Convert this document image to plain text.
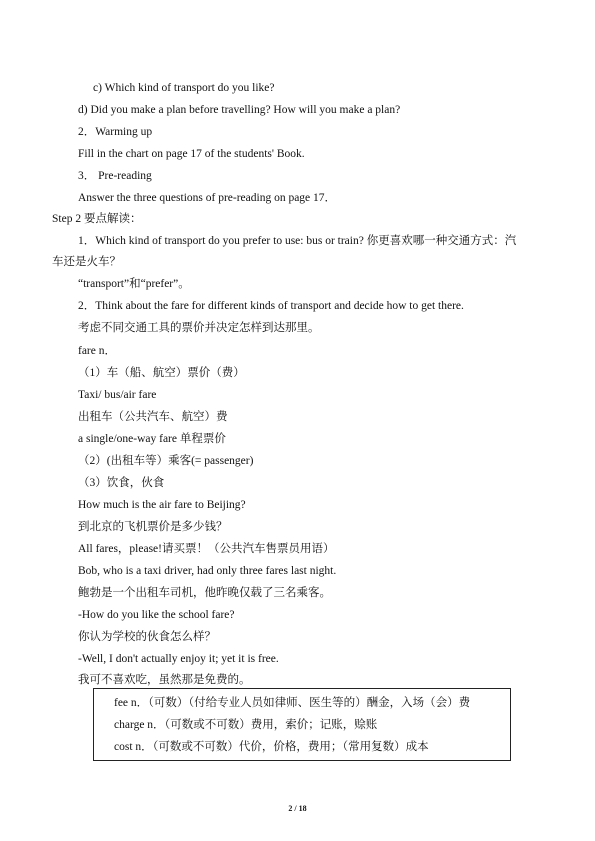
c) Which kind of transport do you like?
d) Did you make a plan before travelling? How will you make a plan?
2．Warming up
Fill in the chart on page 17 of the students' Book.
3． Pre-reading
Answer the three questions of pre-reading on page 17．
Step 2 要点解读：
1．Which kind of transport do you prefer to use: bus or train? 你更喜欢哪一种交通方式：汽
车还是火车？
“transport”和“prefer”。
2．Think about the fare for different kinds of transport and decide how to get there.
考虑不同交通工具的票价并决定怎样到达那里。
fare n．
（1）车（船、航空）票价（费）
Taxi/ bus/air fare
出租车（公共汽车、航空）费
a single/one-way fare 单程票价
（2）(出租车等）乘客(= passenger)
（3）饮食，伙食
How much is the air fare to Beijing?
到北京的飞机票价是多少钱？
All fares，please!请买票！（公共汽车售票员用语）
Bob, who is a taxi driver, had only three fares last night.
鲍勃是一个出租车司机，他昨晚仅载了三名乘客。
-How do you like the school fare?
你认为学校的伙食怎么样？
-Well, I don't actually enjoy it; yet it is free.
我可不喜欢吃，虽然那是免费的。
fee n．（可数）（付给专业人员如律师、医生等的）酬金，入场（会）费
charge n．（可数或不可数）费用，索价；记账，赊账
cost n．（可数或不可数）代价，价格，费用；（常用复数）成本
2 / 18
